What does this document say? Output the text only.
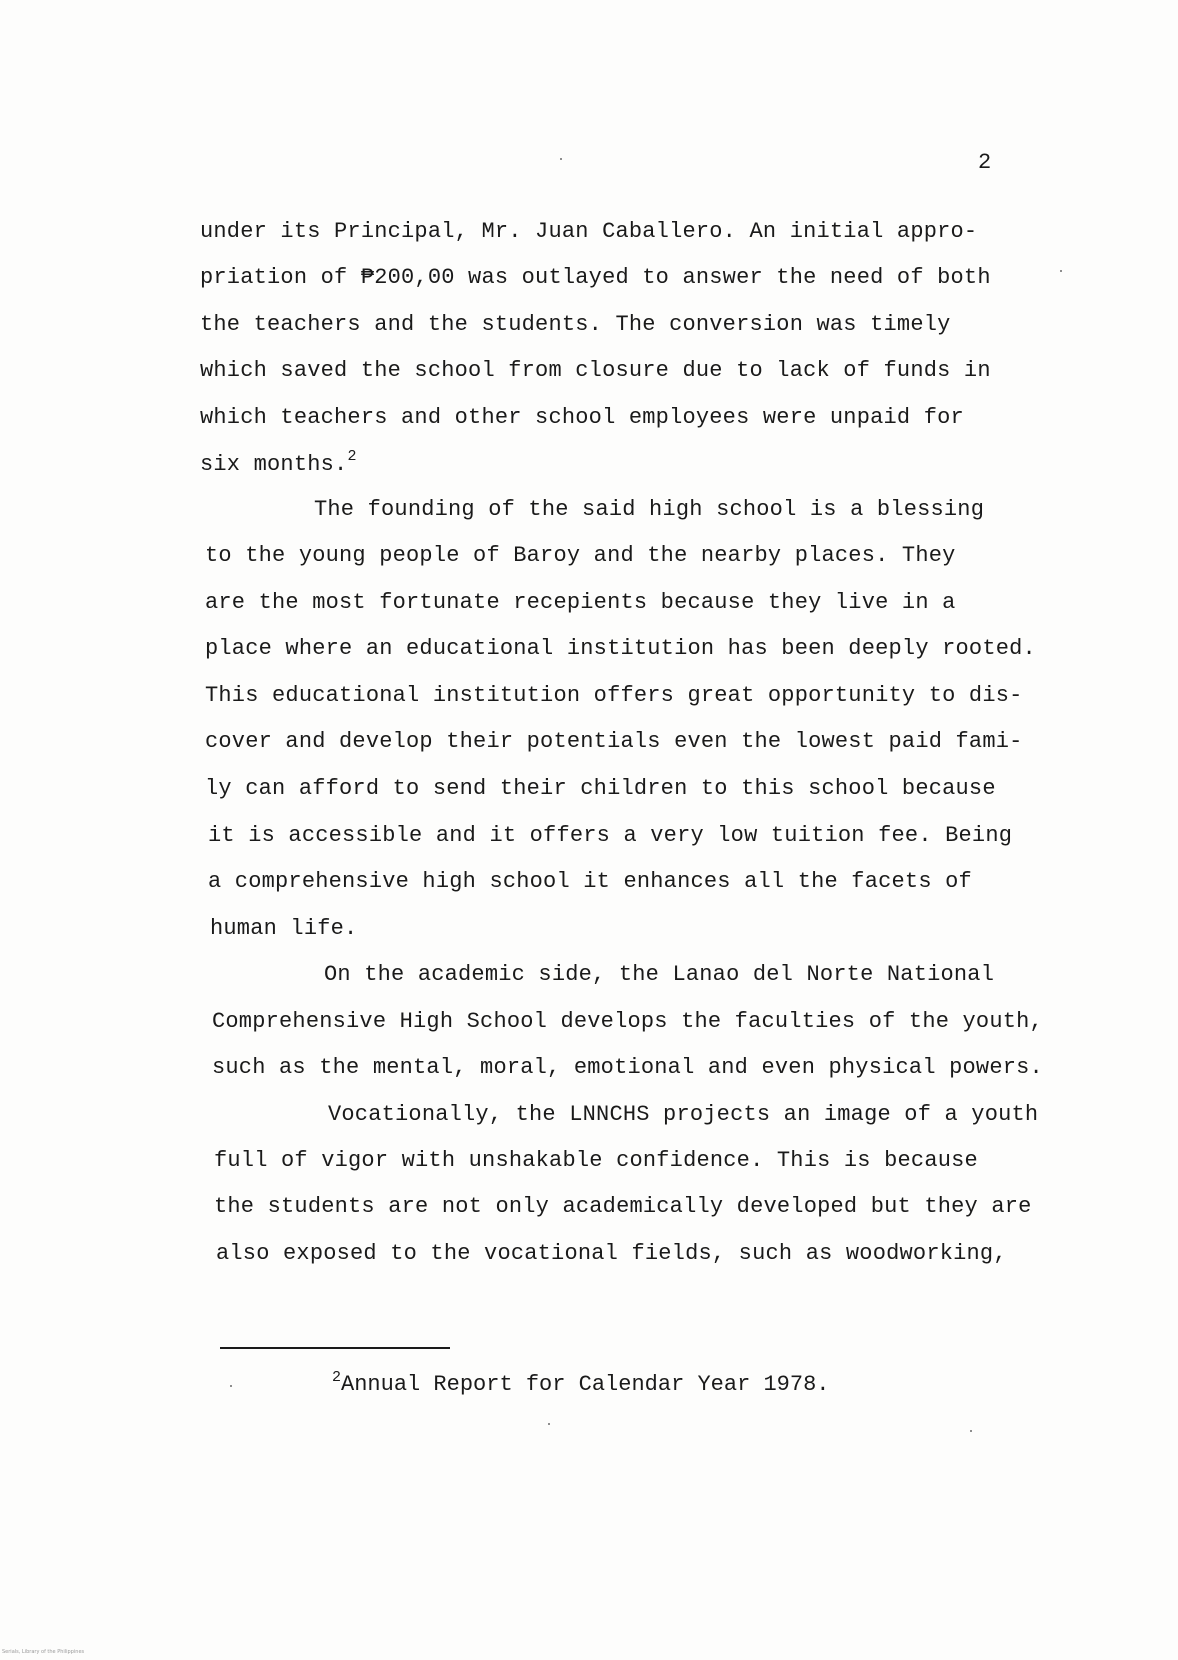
2
under its Principal, Mr. Juan Caballero. An initial appro-
priation of ₱200,00 was outlayed to answer the need of both
the teachers and the students. The conversion was timely
which saved the school from closure due to lack of funds in
which teachers and other school employees were unpaid for
six months.$^2$
The founding of the said high school is a blessing
to the young people of Baroy and the nearby places. They
are the most fortunate recepients because they live in a
place where an educational institution has been deeply rooted.
This educational institution offers great opportunity to dis-
cover and develop their potentials even the lowest paid fami-
ly can afford to send their children to this school because
it is accessible and it offers a very low tuition fee. Being
a comprehensive high school it enhances all the facets of
human life.
On the academic side, the Lanao del Norte National
Comprehensive High School develops the faculties of the youth,
such as the mental, moral, emotional and even physical powers.
Vocationally, the LNNCHS projects an image of a youth
full of vigor with unshakable confidence. This is because
the students are not only academically developed but they are
also exposed to the vocational fields, such as woodworking,
$^2$Annual Report for Calendar Year 1978.
Serials, Library of the Philippines
